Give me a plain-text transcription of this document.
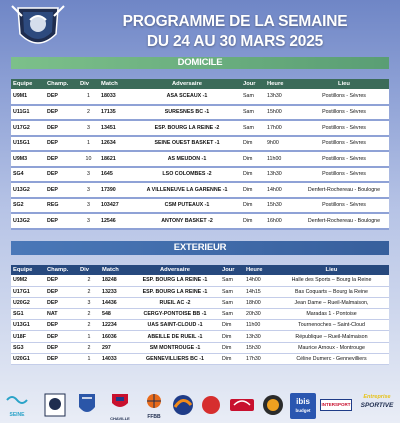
PROGRAMME DE LA SEMAINE
DU 24 AU 30 MARS 2025
DOMICILE
Equipe	Champ.	Div	Match	Adversaire	Jour	Heure	Lieu
U9M1	DEP	1	18033	ASA SCEAUX -1	Sam	13h30	Postillons - Sèvres
U11G1	DEP	2	17135	SURESNES BC -1	Sam	15h00	Postillons - Sèvres
U17G2	DEP	3	13451	ESP. BOURG LA REINE -2	Sam	17h00	Postillons - Sèvres
U15G1	DEP	1	12634	SEINE OUEST BASKET -1	Dim	9h00	Postillons - Sèvres
U9M3	DEP	10	18621	AS MEUDON -1	Dim	11h00	Postillons - Sèvres
SG4	DEP	3	1645	LSO COLOMBES -2	Dim	13h30	Postillons - Sèvres
U13G2	DEP	3	17390	A VILLENEUVE LA GARENNE -1	Dim	14h00	Denfert-Rochereau - Boulogne
SG2	REG	3	103427	CSM PUTEAUX -1	Dim	15h30	Postillons - Sèvres
U13G2	DEP	3	12546	ANTONY BASKET -2	Dim	16h00	Denfert-Rochereau - Boulogne
EXTERIEUR
Equipe	Champ.	Div	Match	Adversaire	Jour	Heure	Lieu
U9M2	DEP	2	18248	ESP. BOURG LA REINE -1	Sam	14h00	Halle des Sports – Bourg la Reine
U17G1	DEP	2	13233	ESP. BOURG LA REINE -1	Sam	14h15	Bas Coquarts – Bourg la Reine
U20G2	DEP	3	14436	RUEIL AC -2	Sam	18h00	Jean Dame – Rueil-Malmaison,
SG1	NAT	2	548	CERGY-PONTOISE BB -1	Sam	20h30	Maradas 1 - Pontoise
U13G1	DEP	2	12234	UAS SAINT-CLOUD -1	Dim	11h00	Tournenoches – Saint-Cloud
U18F	DEP	1	16036	ABEILLE DE RUEIL -1	Dim	13h30	République – Rueil-Malmaison
SG3	DEP	2	297	SM MONTROUGE -1	Dim	15h30	Maurice Arnoux - Montrouge
U20G1	DEP	1	14033	GENNEVILLIERS BC -1	Dim	17h30	Céline Dumerc - Gennevilliers
SEINE
CHAVILLE	FFBB
ibis
budget
INTERSPORT
Entreprise
SPORTIVE
